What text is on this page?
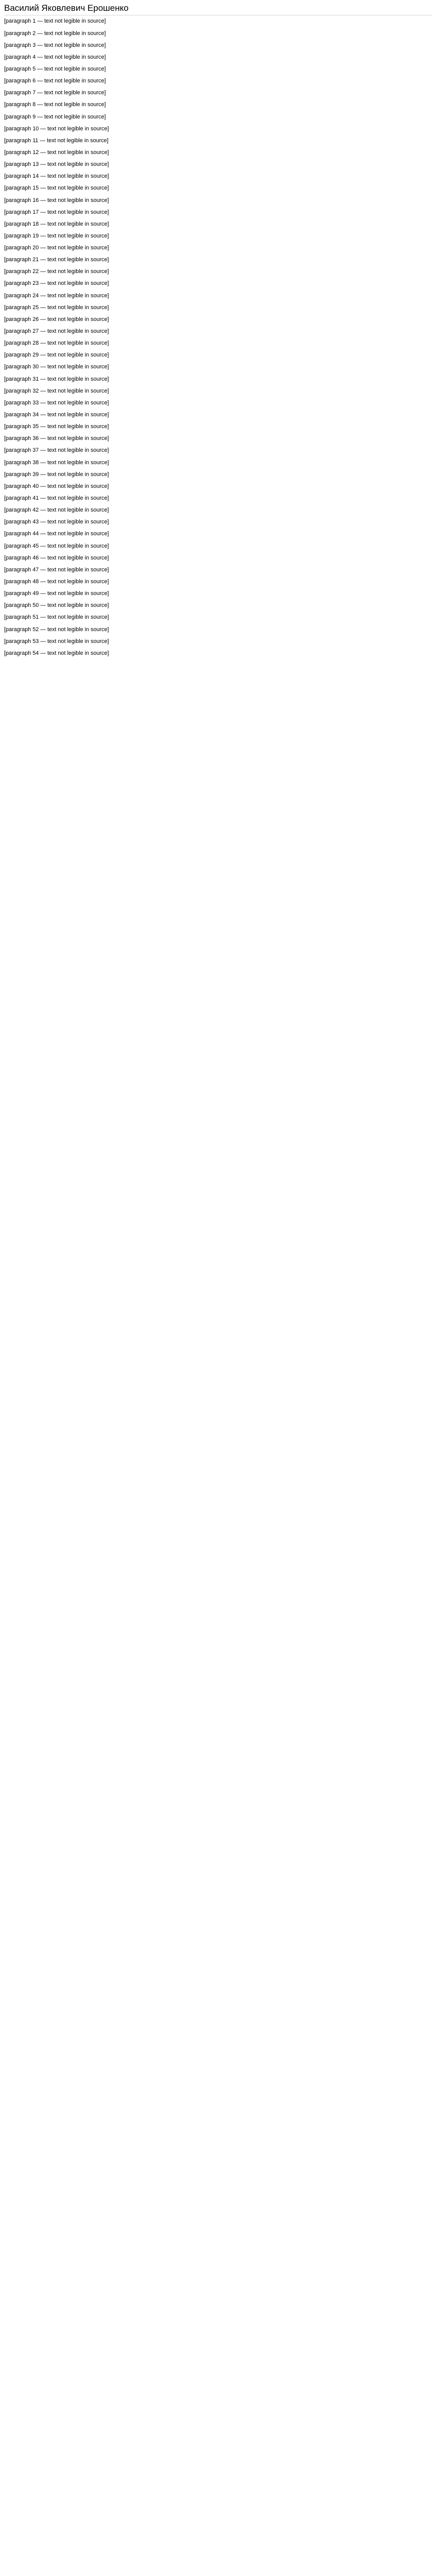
Василий Яковлевич Ерошенко

[paragraph 1 — text not legible in source]

[paragraph 2 — text not legible in source]

[paragraph 3 — text not legible in source]

[paragraph 4 — text not legible in source]

[paragraph 5 — text not legible in source]

[paragraph 6 — text not legible in source]

[paragraph 7 — text not legible in source]

[paragraph 8 — text not legible in source]

[paragraph 9 — text not legible in source]

[paragraph 10 — text not legible in source]

[paragraph 11 — text not legible in source]

[paragraph 12 — text not legible in source]

[paragraph 13 — text not legible in source]

[paragraph 14 — text not legible in source]

[paragraph 15 — text not legible in source]

[paragraph 16 — text not legible in source]

[paragraph 17 — text not legible in source]

[paragraph 18 — text not legible in source]

[paragraph 19 — text not legible in source]

[paragraph 20 — text not legible in source]

[paragraph 21 — text not legible in source]

[paragraph 22 — text not legible in source]

[paragraph 23 — text not legible in source]

[paragraph 24 — text not legible in source]

[paragraph 25 — text not legible in source]

[paragraph 26 — text not legible in source]

[paragraph 27 — text not legible in source]

[paragraph 28 — text not legible in source]

[paragraph 29 — text not legible in source]

[paragraph 30 — text not legible in source]

[paragraph 31 — text not legible in source]

[paragraph 32 — text not legible in source]

[paragraph 33 — text not legible in source]

[paragraph 34 — text not legible in source]

[paragraph 35 — text not legible in source]

[paragraph 36 — text not legible in source]

[paragraph 37 — text not legible in source]

[paragraph 38 — text not legible in source]

[paragraph 39 — text not legible in source]

[paragraph 40 — text not legible in source]

[paragraph 41 — text not legible in source]

[paragraph 42 — text not legible in source]

[paragraph 43 — text not legible in source]

[paragraph 44 — text not legible in source]

[paragraph 45 — text not legible in source]

[paragraph 46 — text not legible in source]

[paragraph 47 — text not legible in source]

[paragraph 48 — text not legible in source]

[paragraph 49 — text not legible in source]

[paragraph 50 — text not legible in source]

[paragraph 51 — text not legible in source]

[paragraph 52 — text not legible in source]

[paragraph 53 — text not legible in source]

[paragraph 54 — text not legible in source]
